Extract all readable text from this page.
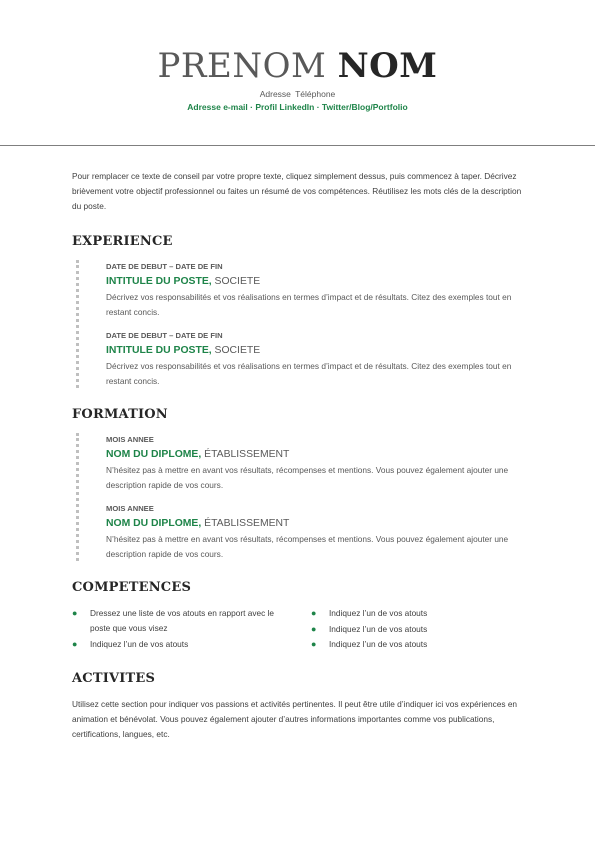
PRENOM NOM
Adresse Téléphone
Adresse e-mail · Profil LinkedIn · Twitter/Blog/Portfolio
Pour remplacer ce texte de conseil par votre propre texte, cliquez simplement dessus, puis commencez à taper. Décrivez brièvement votre objectif professionnel ou faites un résumé de vos compétences. Réutilisez les mots clés de la description du poste.
EXPERIENCE
DATE DE DEBUT – DATE DE FIN
INTITULE DU POSTE, SOCIETE
Décrivez vos responsabilités et vos réalisations en termes d’impact et de résultats. Citez des exemples tout en restant concis.
DATE DE DEBUT – DATE DE FIN
INTITULE DU POSTE, SOCIETE
Décrivez vos responsabilités et vos réalisations en termes d’impact et de résultats. Citez des exemples tout en restant concis.
FORMATION
MOIS ANNEE
NOM DU DIPLOME, ÉTABLISSEMENT
N’hésitez pas à mettre en avant vos résultats, récompenses et mentions. Vous pouvez également ajouter une description rapide de vos cours.
MOIS ANNEE
NOM DU DIPLOME, ÉTABLISSEMENT
N’hésitez pas à mettre en avant vos résultats, récompenses et mentions. Vous pouvez également ajouter une description rapide de vos cours.
COMPETENCES
● Dressez une liste de vos atouts en rapport avec le poste que vous visez
● Indiquez l’un de vos atouts
● Indiquez l’un de vos atouts
● Indiquez l’un de vos atouts
● Indiquez l’un de vos atouts
ACTIVITES
Utilisez cette section pour indiquer vos passions et activités pertinentes. Il peut être utile d’indiquer ici vos expériences en animation et bénévolat. Vous pouvez également ajouter d’autres informations importantes comme vos publications, certifications, langues, etc.
